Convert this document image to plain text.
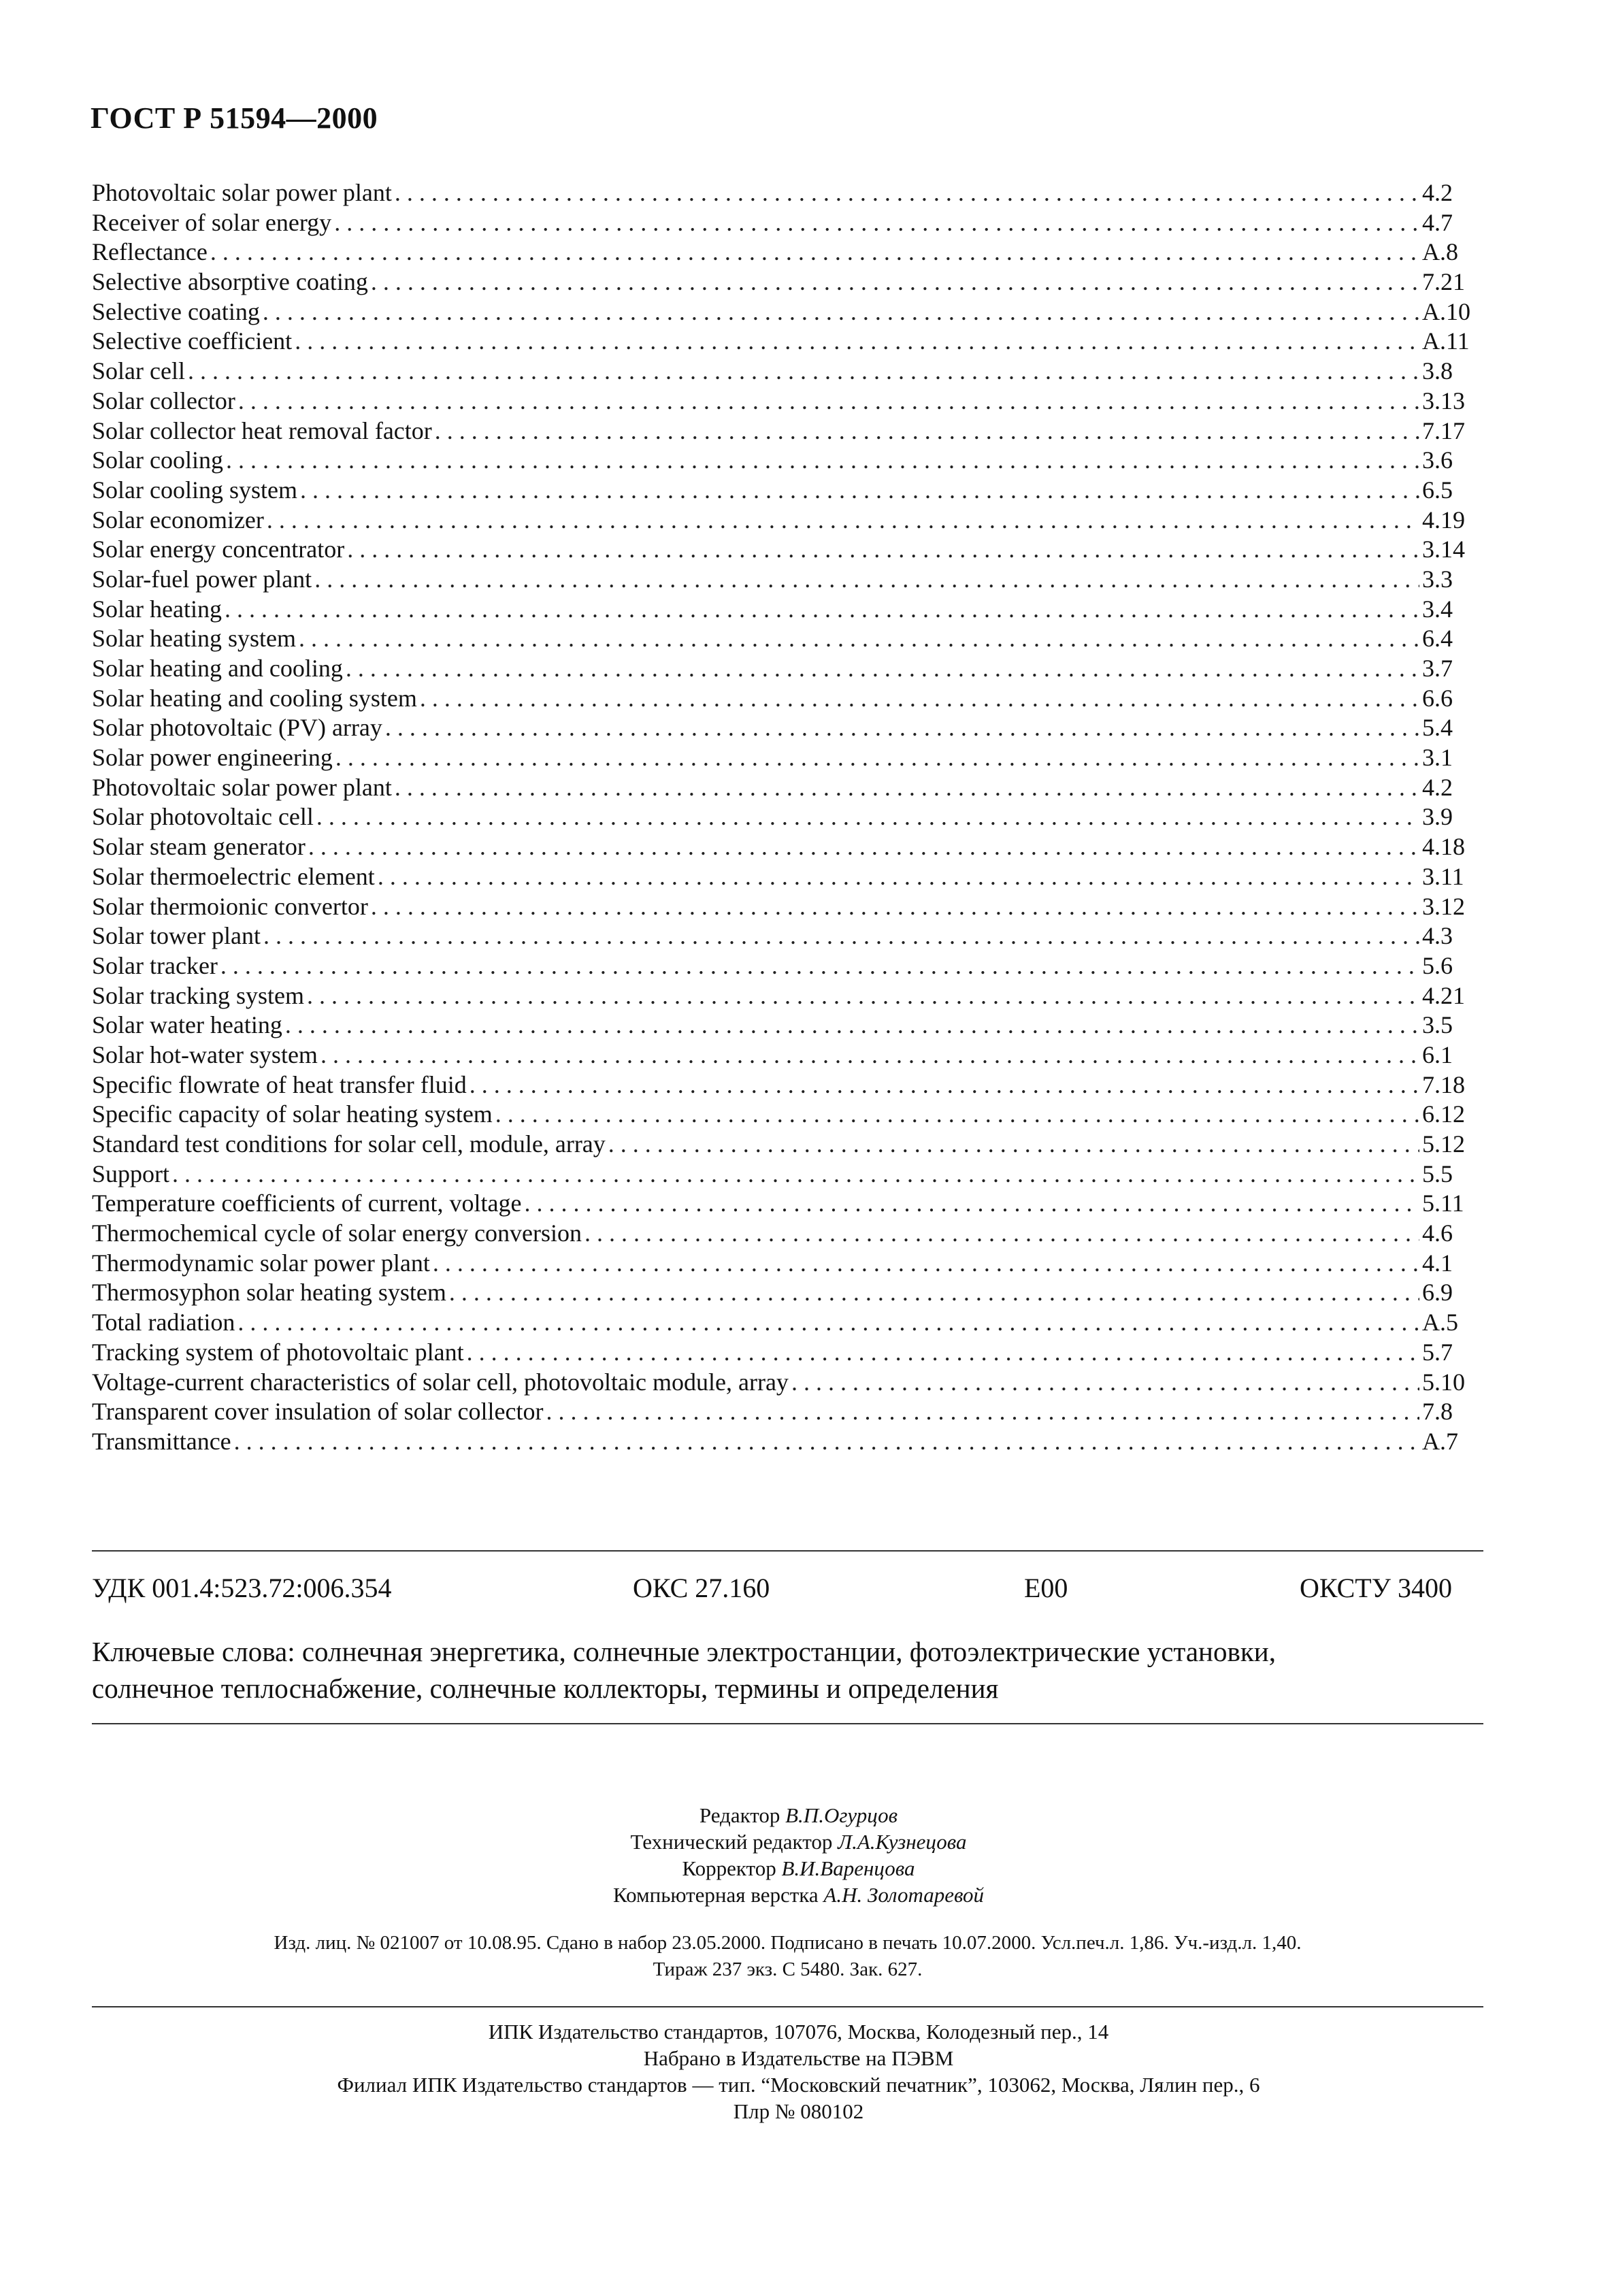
ГОСТ Р 51594—2000
Photovoltaic solar power plant .....	4.2
Receiver of solar energy .....	4.7
Reflectance .....	A.8
Selective absorptive coating .....	7.21
Selective coating .....	A.10
Selective coefficient .....	A.11
Solar cell .....	3.8
Solar collector .....	3.13
Solar collector heat removal factor .....	7.17
Solar cooling .....	3.6
Solar cooling system .....	6.5
Solar economizer .....	4.19
Solar energy concentrator .....	3.14
Solar-fuel power plant .....	3.3
Solar heating .....	3.4
Solar heating system .....	6.4
Solar heating and cooling .....	3.7
Solar heating and cooling system .....	6.6
Solar photovoltaic (PV) array .....	5.4
Solar power engineering .....	3.1
Photovoltaic solar power plant .....	4.2
Solar photovoltaic cell .....	3.9
Solar steam generator .....	4.18
Solar thermoelectric element .....	3.11
Solar thermoionic convertor .....	3.12
Solar tower plant .....	4.3
Solar tracker .....	5.6
Solar tracking system .....	4.21
Solar water heating .....	3.5
Solar hot-water system .....	6.1
Specific flowrate of heat transfer fluid .....	7.18
Specific capacity of solar heating system .....	6.12
Standard test conditions for solar cell, module, array .....	5.12
Support .....	5.5
Temperature coefficients of current, voltage .....	5.11
Thermochemical cycle of solar energy conversion .....	4.6
Thermodynamic solar power plant .....	4.1
Thermosyphon solar heating system .....	6.9
Total radiation .....	A.5
Tracking system of photovoltaic plant .....	5.7
Voltage-current characteristics of solar cell, photovoltaic module, array .....	5.10
Transparent cover insulation of solar collector .....	7.8
Transmittance .....	A.7
УДК 001.4:523.72:006.354	ОКС 27.160	Е00	ОКСТУ 3400
Ключевые слова: солнечная энергетика, солнечные электростанции, фотоэлектрические установки,
солнечное теплоснабжение, солнечные коллекторы, термины и определения
Редактор В.П.Огурцов
Технический редактор Л.А.Кузнецова
Корректор В.И.Варенцова
Компьютерная верстка А.Н. Золотаревой
Изд. лиц. № 021007 от 10.08.95. Сдано в набор 23.05.2000. Подписано в печать 10.07.2000. Усл.печ.л. 1,86. Уч.-изд.л. 1,40.
Тираж 237 экз. С 5480. Зак. 627.
ИПК Издательство стандартов, 107076, Москва, Колодезный пер., 14
Набрано в Издательстве на ПЭВМ
Филиал ИПК Издательство стандартов — тип. “Московский печатник”, 103062, Москва, Лялин пер., 6
Плр № 080102
